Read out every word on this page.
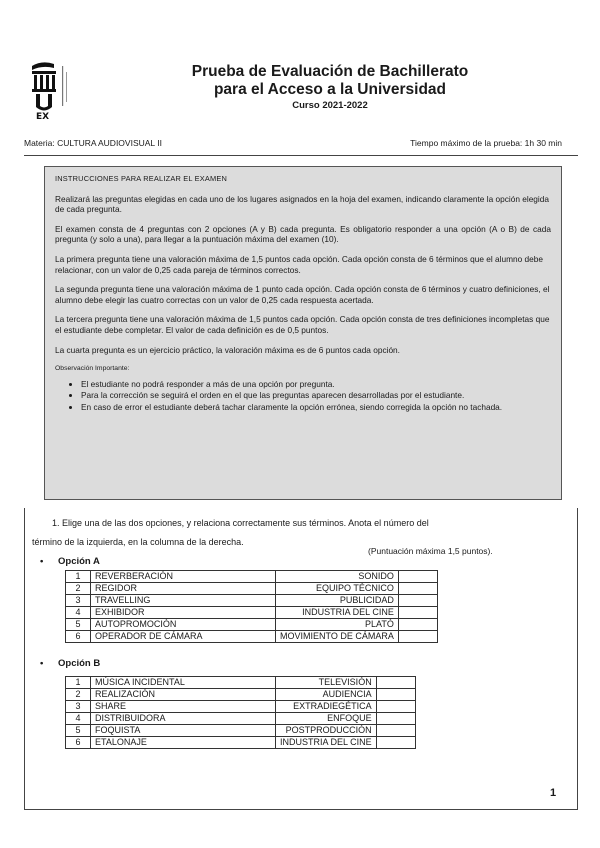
EX
Prueba de Evaluación de Bachillerato
para el Acceso a la Universidad
Curso 2021-2022
Materia: CULTURA AUDIOVISUAL II	Tiempo máximo de la prueba: 1h 30 min
INSTRUCCIONES PARA REALIZAR EL EXAMEN

Realizará las preguntas elegidas en cada uno de los lugares asignados en la hoja del examen, indicando claramente la opción elegida de cada pregunta.

El examen consta de 4 preguntas con 2 opciones (A y B) cada pregunta. Es obligatorio responder a una opción (A o B) de cada pregunta (y solo a una), para llegar a la puntuación máxima del examen (10).

La primera pregunta tiene una valoración máxima de 1,5 puntos cada opción. Cada opción consta de 6 términos que el alumno debe relacionar, con un valor de 0,25 cada pareja de términos correctos.

La segunda pregunta tiene una valoración máxima de 1 punto cada opción. Cada opción consta de 6 términos y cuatro definiciones, el alumno debe elegir las cuatro correctas con un valor de 0,25 cada respuesta acertada.

La tercera pregunta tiene una valoración máxima de 1,5 puntos cada opción. Cada opción consta de tres definiciones incompletas que el estudiante debe completar. El valor de cada definición es de 0,5 puntos.

La cuarta pregunta es un ejercicio práctico, la valoración máxima es de 6 puntos cada opción.

Observación Importante:
• El estudiante no podrá responder a más de una opción por pregunta.
• Para la corrección se seguirá el orden en el que las preguntas aparecen desarrolladas por el estudiante.
• En caso de error el estudiante deberá tachar claramente la opción errónea, siendo corregida la opción no tachada.
1. Elige una de las dos opciones, y relaciona correctamente sus términos. Anota el número del
término de la izquierda, en la columna de la derecha.
(Puntuación máxima 1,5 puntos).
• Opción A
1	REVERBERACIÓN	SONIDO	
2	REGIDOR	EQUIPO TÉCNICO	
3	TRAVELLING	PUBLICIDAD	
4	EXHIBIDOR	INDUSTRIA DEL CINE	
5	AUTOPROMOCIÓN	PLATÓ	
6	OPERADOR DE CÁMARA	MOVIMIENTO DE CÁMARA	
• Opción B
1	MÚSICA INCIDENTAL	TELEVISIÓN	
2	REALIZACIÓN	AUDIENCIA	
3	SHARE	EXTRADIEGÉTICA	
4	DISTRIBUIDORA	ENFOQUE	
5	FOQUISTA	POSTPRODUCCIÓN	
6	ETALONAJE	INDUSTRIA DEL CINE	
1
